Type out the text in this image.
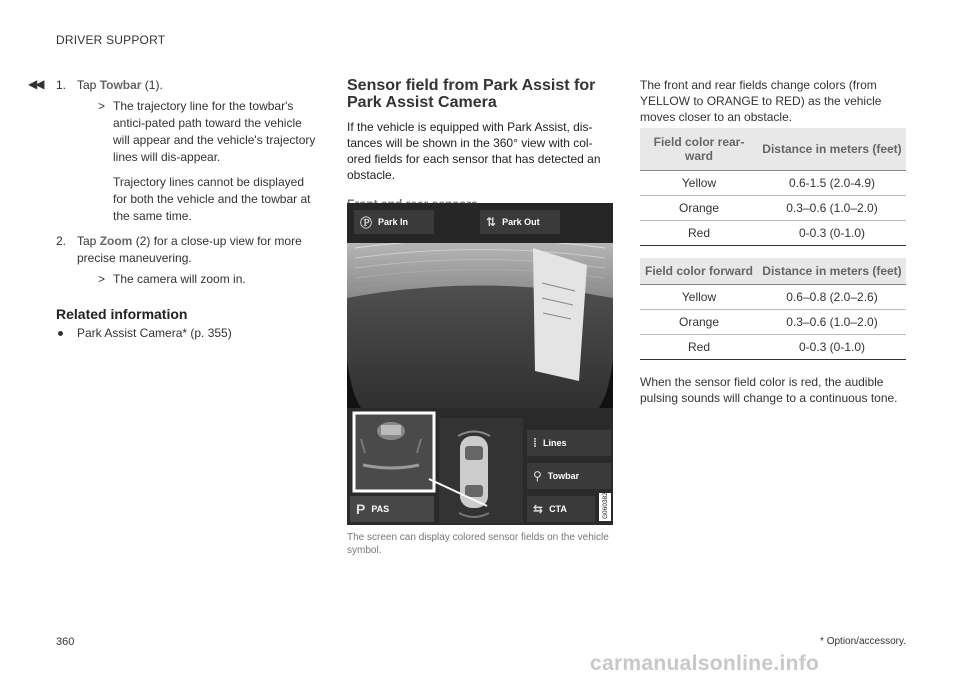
DRIVER SUPPORT
◀◀ 1. Tap Towbar (1).
> The trajectory line for the towbar's antici-pated path toward the vehicle will appear and the vehicle's trajectory lines will dis-appear.

Trajectory lines cannot be displayed for both the vehicle and the towbar at the same time.

2. Tap Zoom (2) for a close-up view for more precise maneuvering.
> The camera will zoom in.

Related information
Park Assist Camera* (p. 355)
Sensor field from Park Assist for Park Assist Camera

If the vehicle is equipped with Park Assist, dis-tances will be shown in the 360° view with col-ored fields for each sensor that has detected an obstacle.

G060382
Ⓟ Park In	⇅ Park Out
⁞ Lines
⚲ Towbar
⇆ CTA
P PAS
The screen can display colored sensor fields on the vehicle symbol.
The front and rear fields change colors (from YELLOW to ORANGE to RED) as the vehicle moves closer to an obstacle.
Field color rear-ward	Distance in meters (feet)
Yellow	0.6-1.5 (2.0-4.9)
Orange	0.3–0.6 (1.0–2.0)
Red	0-0.3 (0-1.0)
Field color forward	Distance in meters (feet)
Yellow	0.6–0.8 (2.0–2.6)
Orange	0.3–0.6 (1.0–2.0)
Red	0-0.3 (0-1.0)
When the sensor field color is red, the audible pulsing sounds will change to a continuous tone.
360	* Option/accessory.
carmanualsonline.info
